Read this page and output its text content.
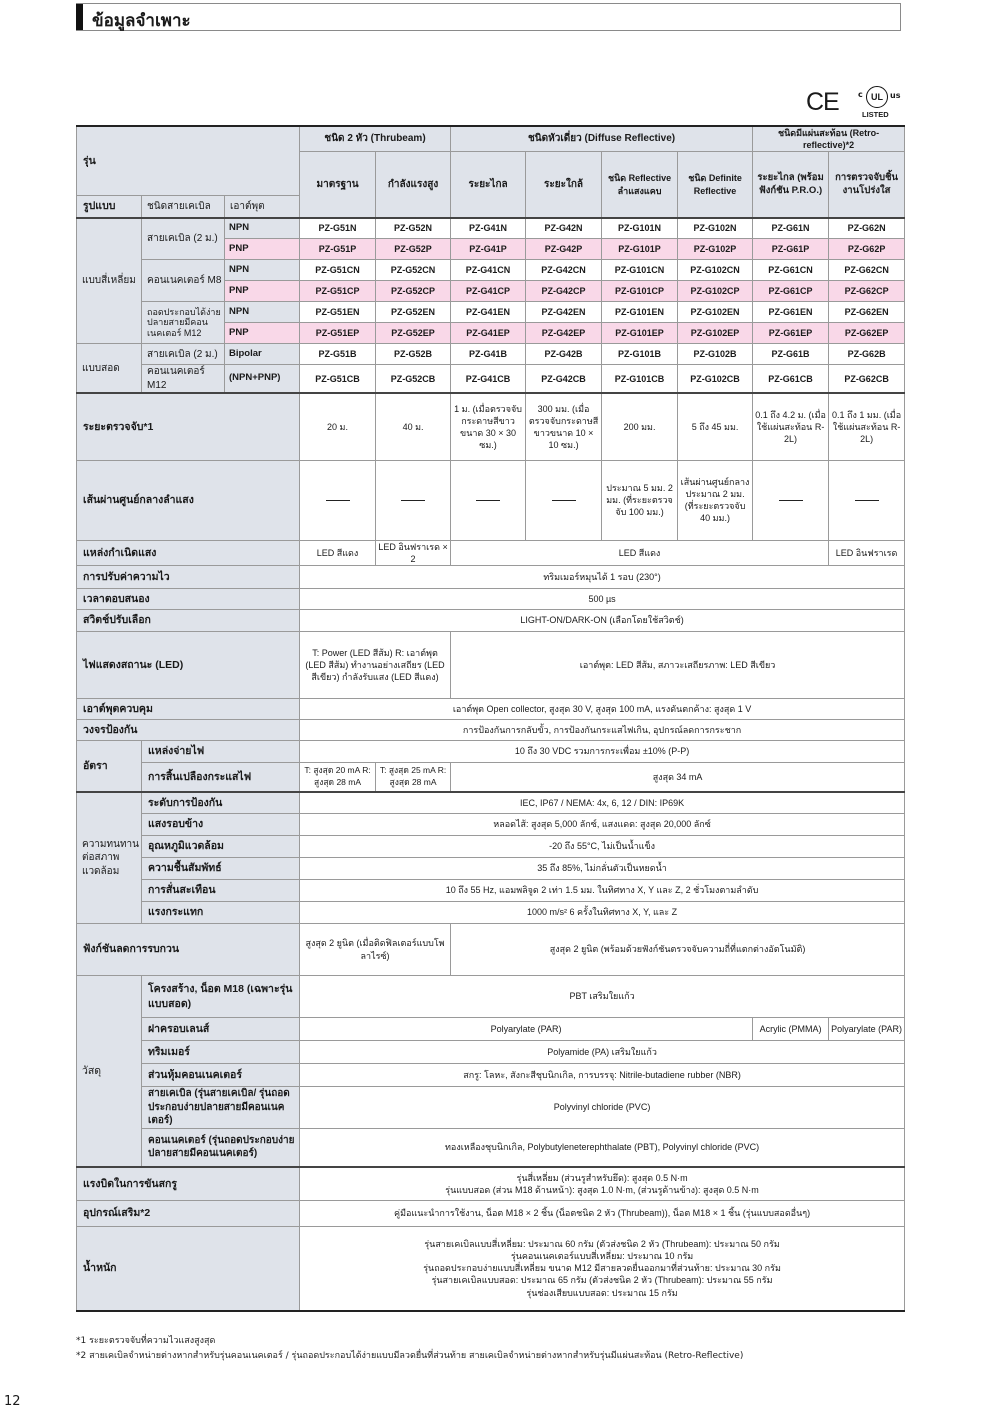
ข้อมูลจำเพาะ
CE c UL us
LISTED
รุ่น			ชนิด 2 หัว (Thrubeam)		ชนิดหัวเดี่ยว (Diffuse Reflective)				ชนิดมีแผ่นสะท้อน (Retro-reflective)*2	
			มาตรฐาน	กำลังแรงสูง	ระยะไกล	ระยะใกล้	ชนิด Reflective ลำแสงแคบ	ชนิด Definite Reflective	ระยะไกล (พร้อมฟังก์ชัน P.R.O.)	การตรวจจับชิ้นงานโปร่งใส
รูปแบบ	ชนิดสายเคเบิล	เอาต์พุต								
แบบสี่เหลี่ยม	สายเคเบิล (2 ม.)	NPN	PZ-G51N	PZ-G52N	PZ-G41N	PZ-G42N	PZ-G101N	PZ-G102N	PZ-G61N	PZ-G62N
		PNP	PZ-G51P	PZ-G52P	PZ-G41P	PZ-G42P	PZ-G101P	PZ-G102P	PZ-G61P	PZ-G62P
	คอนเนคเตอร์ M8	NPN	PZ-G51CN	PZ-G52CN	PZ-G41CN	PZ-G42CN	PZ-G101CN	PZ-G102CN	PZ-G61CN	PZ-G62CN
		PNP	PZ-G51CP	PZ-G52CP	PZ-G41CP	PZ-G42CP	PZ-G101CP	PZ-G102CP	PZ-G61CP	PZ-G62CP
	ถอดประกอบได้ง่ายปลายสายมีคอนเนคเตอร์ M12	NPN	PZ-G51EN	PZ-G52EN	PZ-G41EN	PZ-G42EN	PZ-G101EN	PZ-G102EN	PZ-G61EN	PZ-G62EN
		PNP	PZ-G51EP	PZ-G52EP	PZ-G41EP	PZ-G42EP	PZ-G101EP	PZ-G102EP	PZ-G61EP	PZ-G62EP
แบบสอด	สายเคเบิล (2 ม.)	Bipolar	PZ-G51B	PZ-G52B	PZ-G41B	PZ-G42B	PZ-G101B	PZ-G102B	PZ-G61B	PZ-G62B
	คอนเนคเตอร์ M12	(NPN+PNP)	PZ-G51CB	PZ-G52CB	PZ-G41CB	PZ-G42CB	PZ-G101CB	PZ-G102CB	PZ-G61CB	PZ-G62CB
ระยะตรวจจับ*1			20 ม.	40 ม.	1 ม. (เมื่อตรวจจับกระดาษสีขาวขนาด 30 × 30 ซม.)	300 มม. (เมื่อตรวจจับกระดาษสีขาวขนาด 10 × 10 ซม.)	200 มม.	5 ถึง 45 มม.	0.1 ถึง 4.2 ม. (เมื่อใช้แผ่นสะท้อน R-2L)	0.1 ถึง 1 มม. (เมื่อใช้แผ่นสะท้อน R-2L)
เส้นผ่านศูนย์กลางลำแสง							ประมาณ 5 มม. 2 มม. (ที่ระยะตรวจจับ 100 มม.)	เส้นผ่านศูนย์กลางประมาณ 2 มม. (ที่ระยะตรวจจับ 40 มม.)		
แหล่งกำเนิดแสง			LED สีแดง	LED อินฟราเรด × 2	LED สีแดง					LED อินฟราเรด
การปรับค่าความไว			ทริมเมอร์หมุนได้ 1 รอบ (230°)							
เวลาตอบสนอง			500 µs							
สวิตช์ปรับเลือก			LIGHT-ON/DARK-ON (เลือกโดยใช้สวิตช์)							
ไฟแสดงสถานะ (LED)			T: Power (LED สีส้ม) R: เอาต์พุต (LED สีส้ม) ทำงานอย่างเสถียร (LED สีเขียว) กำลังรับแสง (LED สีแดง)		เอาต์พุต: LED สีส้ม, สภาวะเสถียรภาพ: LED สีเขียว					
เอาต์พุตควบคุม			เอาต์พุต Open collector, สูงสุด 30 V, สูงสุด 100 mA, แรงดันตกค้าง: สูงสุด 1 V							
วงจรป้องกัน			การป้องกันการกลับขั้ว, การป้องกันกระแสไฟเกิน, อุปกรณ์ลดการกระชาก							
อัตรา	แหล่งจ่ายไฟ		10 ถึง 30 VDC รวมการกระเพื่อม ±10% (P-P)							
	การสิ้นเปลืองกระแสไฟ		T: สูงสุด 20 mA R: สูงสุด 28 mA	T: สูงสุด 25 mA R: สูงสุด 28 mA	สูงสุด 34 mA					
ความทนทานต่อสภาพแวดล้อม	ระดับการป้องกัน		IEC, IP67 / NEMA: 4x, 6, 12 / DIN: IP69K							
	แสงรอบข้าง		หลอดไส้: สูงสุด 5,000 ลักซ์, แสงแดด: สูงสุด 20,000 ลักซ์							
	อุณหภูมิแวดล้อม		-20 ถึง 55°C, ไม่เป็นน้ำแข็ง							
	ความชื้นสัมพัทธ์		35 ถึง 85%, ไม่กลั่นตัวเป็นหยดน้ำ							
	การสั่นสะเทือน		10 ถึง 55 Hz, แอมพลิจูด 2 เท่า 1.5 มม. ในทิศทาง X, Y และ Z, 2 ชั่วโมงตามลำดับ							
	แรงกระแทก		1000 m/s² 6 ครั้งในทิศทาง X, Y, และ Z							
ฟังก์ชันลดการรบกวน			สูงสุด 2 ยูนิต (เมื่อติดฟิลเตอร์แบบโพลาไรซ์)		สูงสุด 2 ยูนิต (พร้อมด้วยฟังก์ชันตรวจจับความถี่ที่แตกต่างอัตโนมัติ)					
วัสดุ	โครงสร้าง, น็อต M18 (เฉพาะรุ่นแบบสอด)		PBT เสริมใยแก้ว							
	ฝาครอบเลนส์		Polyarylate (PAR)						Acrylic (PMMA)	Polyarylate (PAR)
	ทริมเมอร์		Polyamide (PA) เสริมใยแก้ว							
	ส่วนหุ้มคอนเนคเตอร์		สกรู: โลหะ, สังกะสีชุบนิกเกิล, การบรรจุ: Nitrile-butadiene rubber (NBR)							
	สายเคเบิล (รุ่นสายเคเบิล/ รุ่นถอดประกอบง่ายปลายสายมีคอนเนคเตอร์)		Polyvinyl chloride (PVC)							
	คอนเนคเตอร์ (รุ่นถอดประกอบง่ายปลายสายมีคอนเนคเตอร์)		ทองเหลืองชุบนิกเกิล, Polybutyleneterephthalate (PBT), Polyvinyl chloride (PVC)							
แรงบิดในการขันสกรู			รุ่นสี่เหลี่ยม (ส่วนรูสำหรับยึด): สูงสุด 0.5 N·m
รุ่นแบบสอด (ส่วน M18 ด้านหน้า): สูงสุด 1.0 N·m, (ส่วนรูด้านข้าง): สูงสุด 0.5 N·m							

อุปกรณ์เสริม*2			คู่มือแนะนำการใช้งาน, น็อต M18 × 2 ชิ้น (น็อตชนิด 2 หัว (Thrubeam)), น็อต M18 × 1 ชิ้น (รุ่นแบบสอดอื่นๆ)							
น้ำหนัก			รุ่นสายเคเบิลแบบสี่เหลี่ยม: ประมาณ 60 กรัม (ตัวส่งชนิด 2 หัว (Thrubeam): ประมาณ 50 กรัม
รุ่นคอนเนคเตอร์แบบสี่เหลี่ยม: ประมาณ 10 กรัม
รุ่นถอดประกอบง่ายแบบสี่เหลี่ยม ขนาด M12 มีสายลวดยื่นออกมาที่ส่วนท้าย: ประมาณ 30 กรัม
รุ่นสายเคเบิลแบบสอด: ประมาณ 65 กรัม (ตัวส่งชนิด 2 หัว (Thrubeam): ประมาณ 55 กรัม
รุ่นช่องเสียบแบบสอด: ประมาณ 15 กรัม							
*1 ระยะตรวจจับที่ความไวแสงสูงสุด
*2 สายเคเบิลจำหน่ายต่างหากสำหรับรุ่นคอนเนคเตอร์ / รุ่นถอดประกอบได้ง่ายแบบมีลวดยื่นที่ส่วนท้าย สายเคเบิลจำหน่ายต่างหากสำหรับรุ่นมีแผ่นสะท้อน (Retro-Reflective)
12
